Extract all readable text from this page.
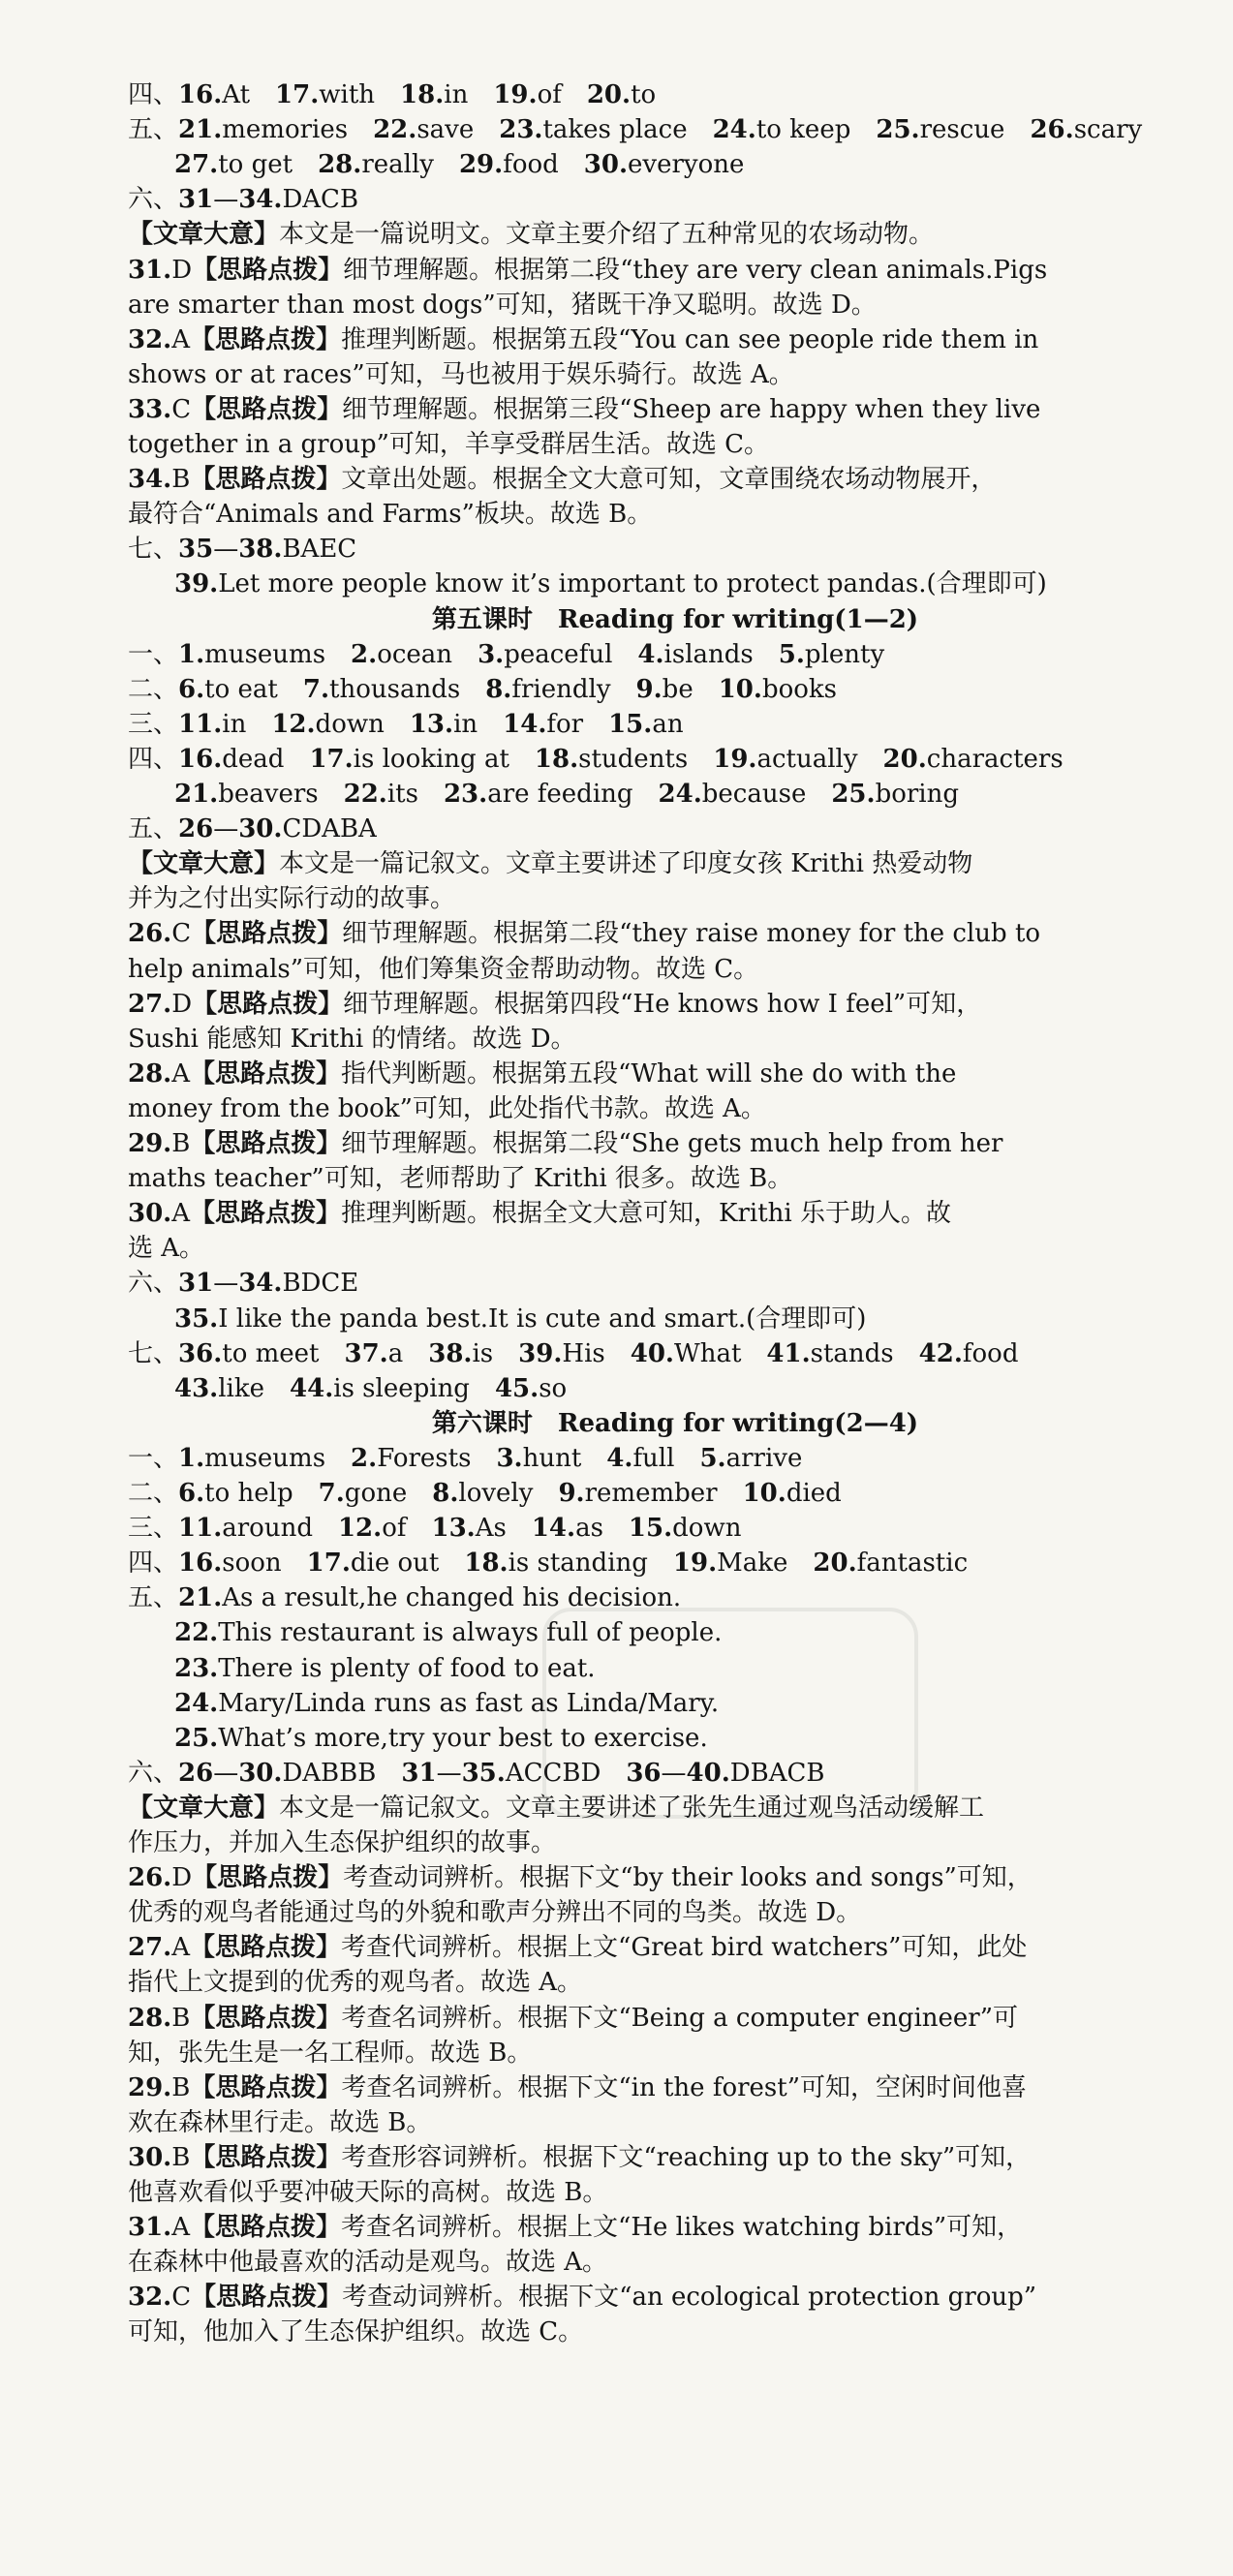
四、16.At 17.with 18.in 19.of 20.to
五、21.memories 22.save 23.takes place 24.to keep 25.rescue 26.scary
27.to get 28.really 29.food 30.everyone
六、31—34.DACB
【文章大意】本文是一篇说明文。文章主要介绍了五种常见的农场动物。
31.D【思路点拨】细节理解题。根据第二段“they are very clean animals.Pigs
are smarter than most dogs”可知，猪既干净又聪明。故选 D。
32.A【思路点拨】推理判断题。根据第五段“You can see people ride them in
shows or at races”可知，马也被用于娱乐骑行。故选 A。
33.C【思路点拨】细节理解题。根据第三段“Sheep are happy when they live
together in a group”可知，羊享受群居生活。故选 C。
34.B【思路点拨】文章出处题。根据全文大意可知，文章围绕农场动物展开，
最符合“Animals and Farms”板块。故选 B。
七、35—38.BAEC
39.Let more people know it’s important to protect pandas.(合理即可)
第五课时 Reading for writing(1—2)
一、1.museums 2.ocean 3.peaceful 4.islands 5.plenty
二、6.to eat 7.thousands 8.friendly 9.be 10.books
三、11.in 12.down 13.in 14.for 15.an
四、16.dead 17.is looking at 18.students 19.actually 20.characters
21.beavers 22.its 23.are feeding 24.because 25.boring
五、26—30.CDABA
【文章大意】本文是一篇记叙文。文章主要讲述了印度女孩 Krithi 热爱动物
并为之付出实际行动的故事。
26.C【思路点拨】细节理解题。根据第二段“they raise money for the club to
help animals”可知，他们筹集资金帮助动物。故选 C。
27.D【思路点拨】细节理解题。根据第四段“He knows how I feel”可知，
Sushi 能感知 Krithi 的情绪。故选 D。
28.A【思路点拨】指代判断题。根据第五段“What will she do with the
money from the book”可知，此处指代书款。故选 A。
29.B【思路点拨】细节理解题。根据第二段“She gets much help from her
maths teacher”可知，老师帮助了 Krithi 很多。故选 B。
30.A【思路点拨】推理判断题。根据全文大意可知，Krithi 乐于助人。故
选 A。
六、31—34.BDCE
35.I like the panda best.It is cute and smart.(合理即可)
七、36.to meet 37.a 38.is 39.His 40.What 41.stands 42.food
43.like 44.is sleeping 45.so
第六课时 Reading for writing(2—4)
一、1.museums 2.Forests 3.hunt 4.full 5.arrive
二、6.to help 7.gone 8.lovely 9.remember 10.died
三、11.around 12.of 13.As 14.as 15.down
四、16.soon 17.die out 18.is standing 19.Make 20.fantastic
五、21.As a result,he changed his decision.
22.This restaurant is always full of people.
23.There is plenty of food to eat.
24.Mary/Linda runs as fast as Linda/Mary.
25.What’s more,try your best to exercise.
六、26—30.DABBB 31—35.ACCBD 36—40.DBACB
【文章大意】本文是一篇记叙文。文章主要讲述了张先生通过观鸟活动缓解工
作压力，并加入生态保护组织的故事。
26.D【思路点拨】考查动词辨析。根据下文“by their looks and songs”可知，
优秀的观鸟者能通过鸟的外貌和歌声分辨出不同的鸟类。故选 D。
27.A【思路点拨】考查代词辨析。根据上文“Great bird watchers”可知，此处
指代上文提到的优秀的观鸟者。故选 A。
28.B【思路点拨】考查名词辨析。根据下文“Being a computer engineer”可
知，张先生是一名工程师。故选 B。
29.B【思路点拨】考查名词辨析。根据下文“in the forest”可知，空闲时间他喜
欢在森林里行走。故选 B。
30.B【思路点拨】考查形容词辨析。根据下文“reaching up to the sky”可知，
他喜欢看似乎要冲破天际的高树。故选 B。
31.A【思路点拨】考查名词辨析。根据上文“He likes watching birds”可知，
在森林中他最喜欢的活动是观鸟。故选 A。
32.C【思路点拨】考查动词辨析。根据下文“an ecological protection group”
可知，他加入了生态保护组织。故选 C。
